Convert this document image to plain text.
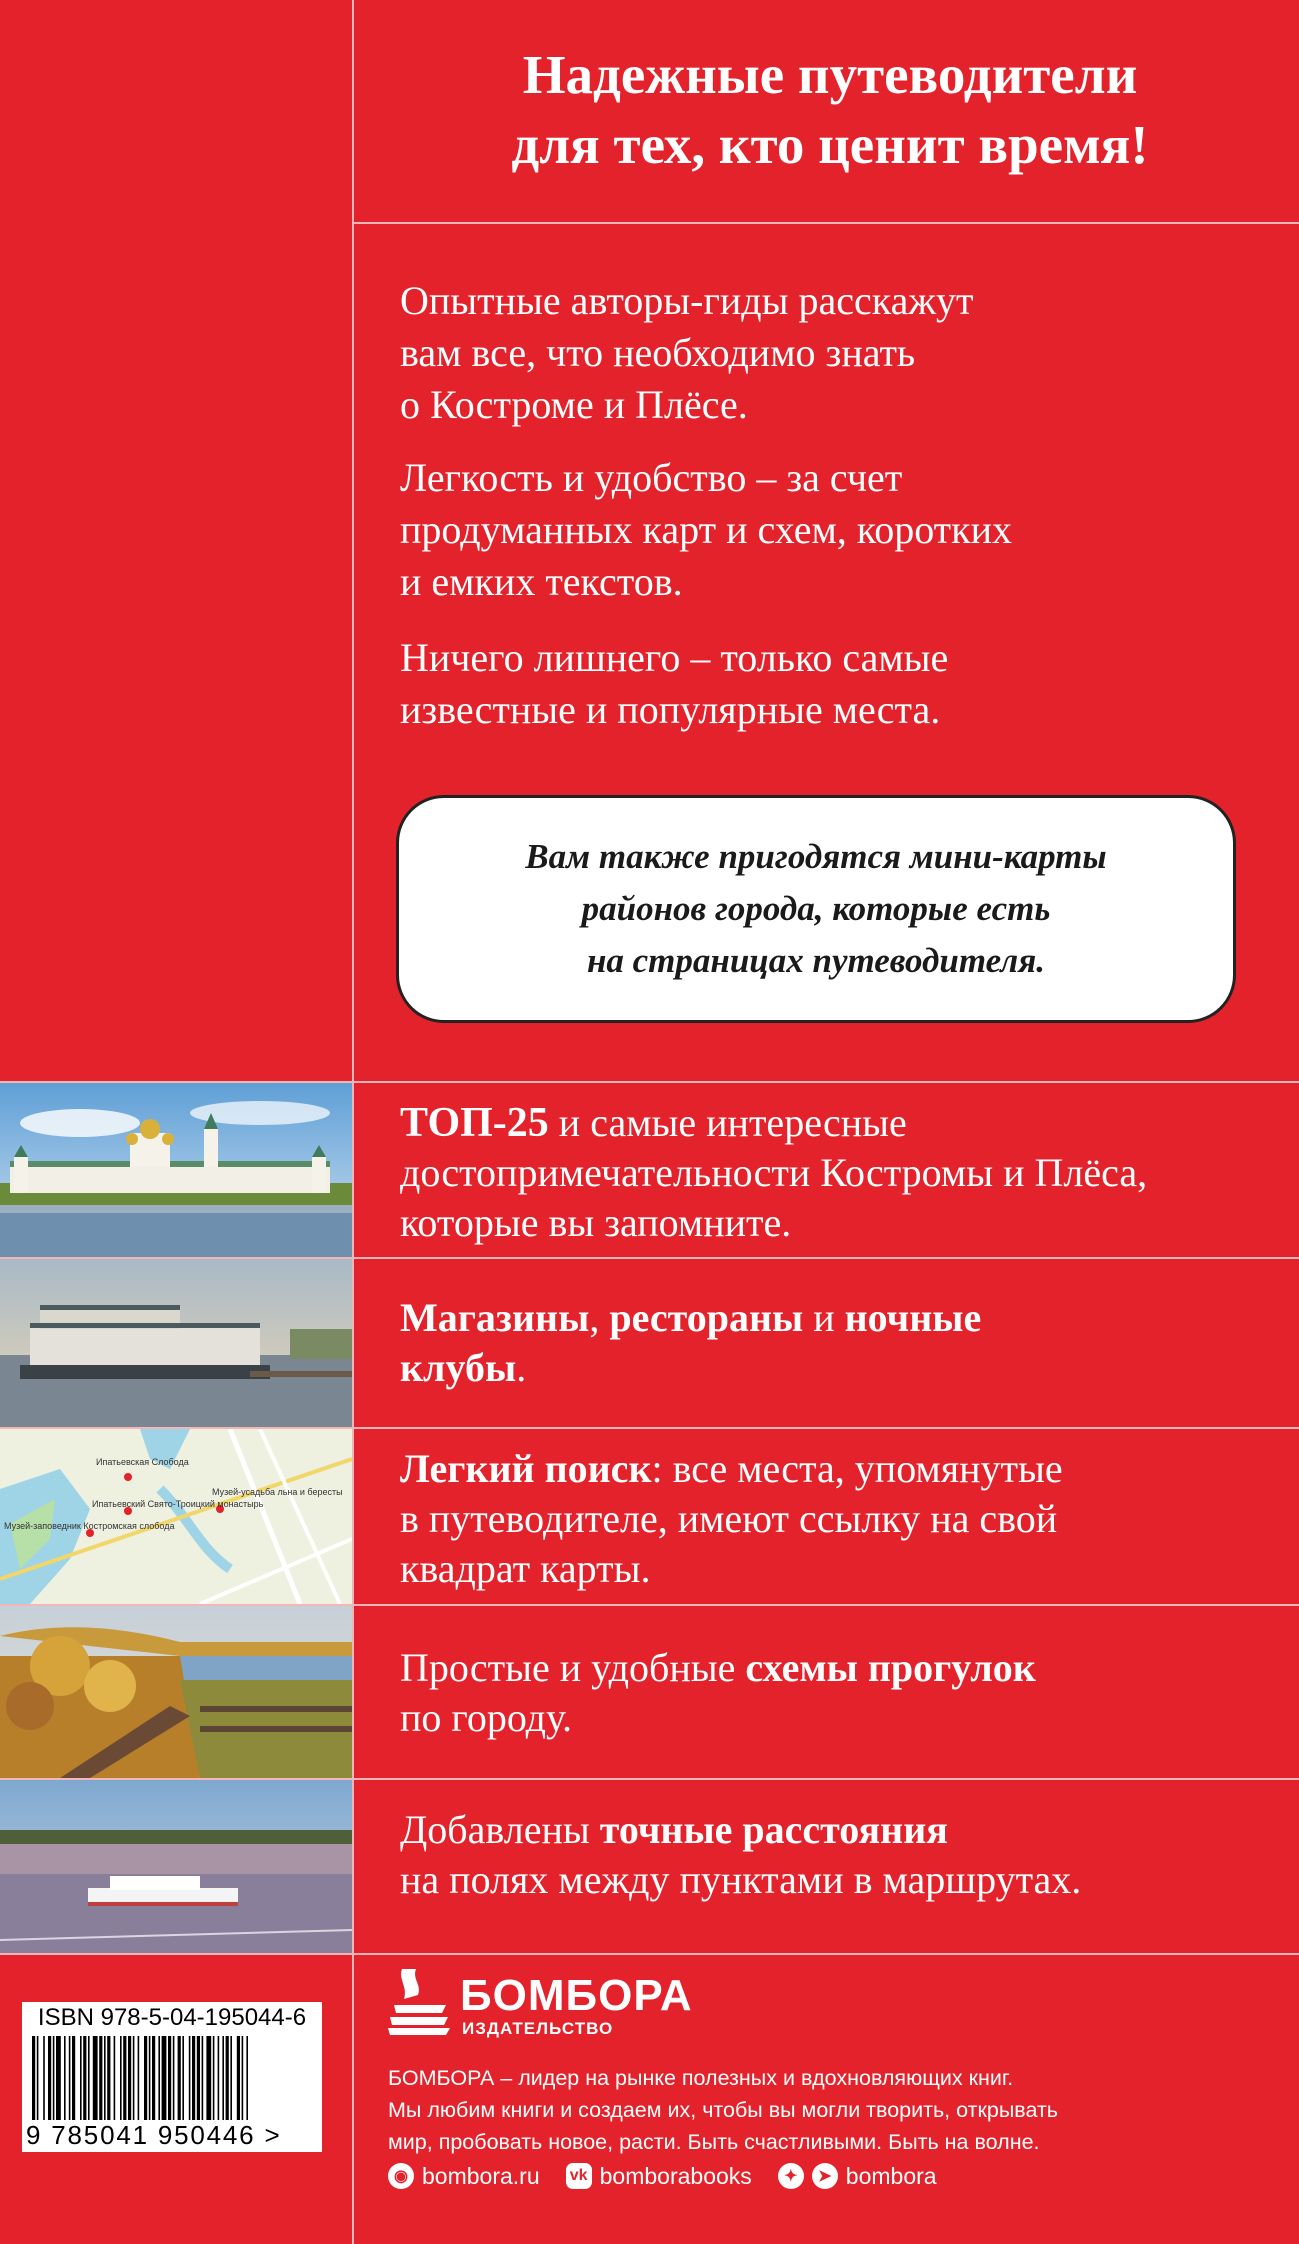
Надежные путеводители
для тех, кто ценит время!
Опытные авторы-гиды расскажут
вам все, что необходимо знать
о Костроме и Плёсе.
Легкость и удобство – за счет
продуманных карт и схем, коротких
и емких текстов.
Ничего лишнего – только самые
известные и популярные места.
Вам также пригодятся мини-карты
районов города, которые есть
на страницах путеводителя.
Ипатьевская Слобода
Ипатьевский Свято-Троицкий монастырь
Музей-усадьба льна и бересты
Музей-заповедник Костромская слобода
ТОП-25 и самые интересные
достопримечательности Костромы и Плёса,
которые вы запомните.
Магазины, рестораны и ночные
клубы.
Легкий поиск: все места, упомянутые
в путеводителе, имеют ссылку на свой
квадрат карты.
Простые и удобные схемы прогулок
по городу.
Добавлены точные расстояния
на полях между пунктами в маршрутах.
ISBN 978-5-04-195044-6
9 785041 950446 >
БОМБОРА
ИЗДАТЕЛЬСТВО
БОМБОРА – лидер на рынке полезных и вдохновляющих книг.
Мы любим книги и создаем их, чтобы вы могли творить, открывать
мир, пробовать новое, расти. Быть счастливыми. Быть на волне.
◉ bombora.ru vk bomborabooks	✦	➤ bombora
